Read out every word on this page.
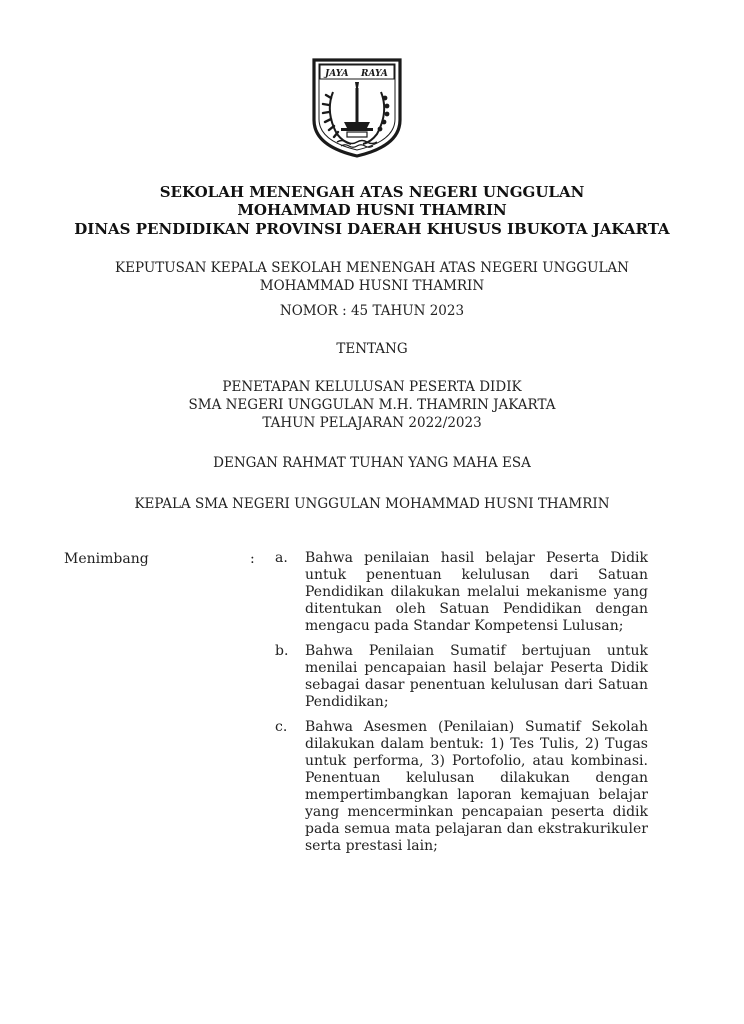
JAYA RAYA
SEKOLAH MENENGAH ATAS NEGERI UNGGULAN
MOHAMMAD HUSNI THAMRIN
DINAS PENDIDIKAN PROVINSI DAERAH KHUSUS IBUKOTA JAKARTA
KEPUTUSAN KEPALA SEKOLAH MENENGAH ATAS NEGERI UNGGULAN
MOHAMMAD HUSNI THAMRIN
NOMOR : 45 TAHUN 2023
TENTANG
PENETAPAN KELULUSAN PESERTA DIDIK
SMA NEGERI UNGGULAN M.H. THAMRIN JAKARTA
TAHUN PELAJARAN 2022/2023
DENGAN RAHMAT TUHAN YANG MAHA ESA
KEPALA SMA NEGERI UNGGULAN MOHAMMAD HUSNI THAMRIN
Menimbang	: a.	Bahwa penilaian hasil belajar Peserta Didik untuk penentuan kelulusan dari Satuan Pendidikan dilakukan melalui mekanisme yang ditentukan oleh Satuan Pendidikan dengan mengacu pada Standar Kompetensi Lulusan;
b.	Bahwa Penilaian Sumatif bertujuan untuk menilai pencapaian hasil belajar Peserta Didik sebagai dasar penentuan kelulusan dari Satuan Pendidikan;
c.	Bahwa Asesmen (Penilaian) Sumatif Sekolah dilakukan dalam bentuk: 1) Tes Tulis, 2) Tugas untuk performa, 3) Portofolio, atau kombinasi. Penentuan kelulusan dilakukan dengan mempertimbangkan laporan kemajuan belajar yang mencerminkan pencapaian peserta didik pada semua mata pelajaran dan ekstrakurikuler serta prestasi lain;
